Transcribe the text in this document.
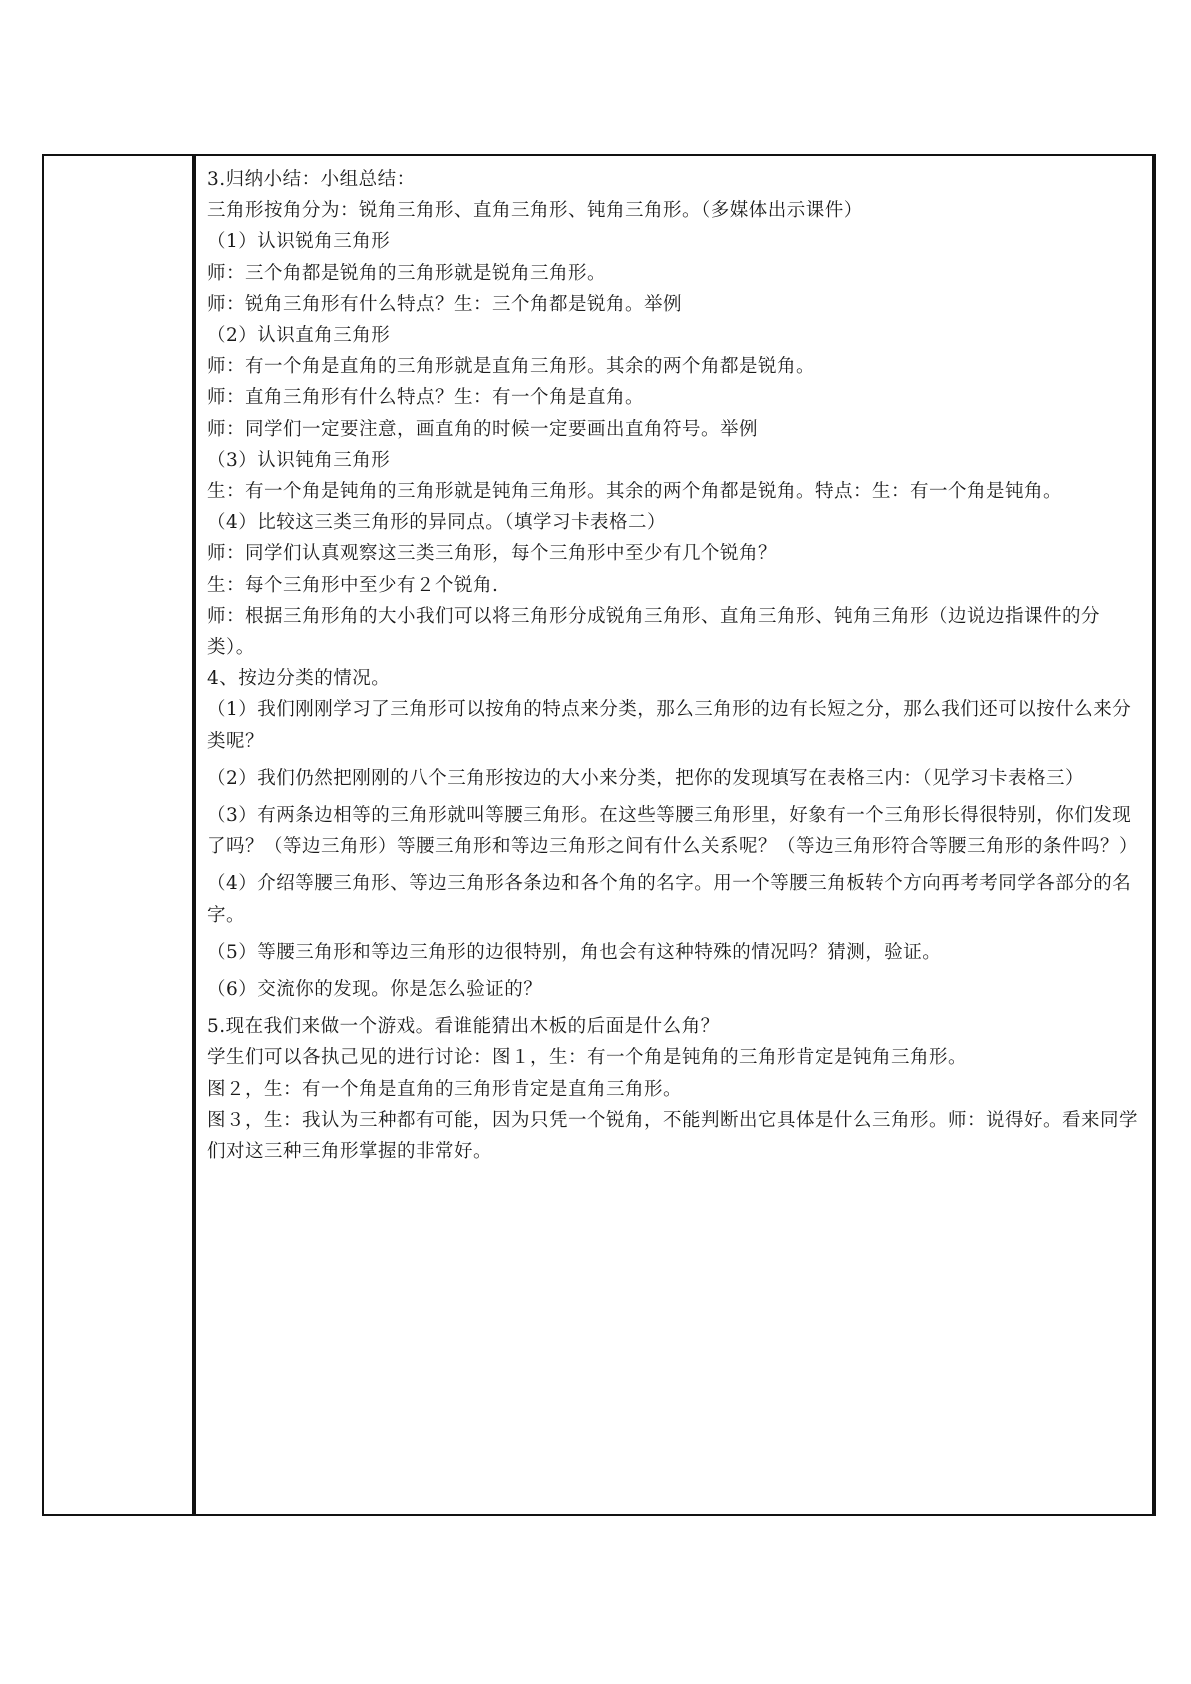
3.归纳小结：小组总结：
三角形按角分为：锐角三角形、直角三角形、钝角三角形。（多媒体出示课件）
（1）认识锐角三角形
师：三个角都是锐角的三角形就是锐角三角形。
师：锐角三角形有什么特点？生：三个角都是锐角。举例
（2）认识直角三角形
师：有一个角是直角的三角形就是直角三角形。其余的两个角都是锐角。
师：直角三角形有什么特点？生：有一个角是直角。
师：同学们一定要注意，画直角的时候一定要画出直角符号。举例
（3）认识钝角三角形
生：有一个角是钝角的三角形就是钝角三角形。其余的两个角都是锐角。特点：生：有一个角是钝角。
（4）比较这三类三角形的异同点。（填学习卡表格二）
师：同学们认真观察这三类三角形，每个三角形中至少有几个锐角？
生：每个三角形中至少有２个锐角.
师：根据三角形角的大小我们可以将三角形分成锐角三角形、直角三角形、钝角三角形（边说边指课件的分类）。
4、按边分类的情况。
（1）我们刚刚学习了三角形可以按角的特点来分类，那么三角形的边有长短之分，那么我们还可以按什么来分类呢？
（2）我们仍然把刚刚的八个三角形按边的大小来分类，把你的发现填写在表格三内：（见学习卡表格三）
（3）有两条边相等的三角形就叫等腰三角形。在这些等腰三角形里，好象有一个三角形长得很特别，你们发现了吗？（等边三角形）等腰三角形和等边三角形之间有什么关系呢？（等边三角形符合等腰三角形的条件吗？）
（4）介绍等腰三角形、等边三角形各条边和各个角的名字。用一个等腰三角板转个方向再考考同学各部分的名字。
（5）等腰三角形和等边三角形的边很特别，角也会有这种特殊的情况吗？猜测，验证。
（6）交流你的发现。你是怎么验证的？
5.现在我们来做一个游戏。看谁能猜出木板的后面是什么角？
学生们可以各执己见的进行讨论：图１，生：有一个角是钝角的三角形肯定是钝角三角形。
图２，生：有一个角是直角的三角形肯定是直角三角形。
图３，生：我认为三种都有可能，因为只凭一个锐角，不能判断出它具体是什么三角形。师：说得好。看来同学们对这三种三角形掌握的非常好。
